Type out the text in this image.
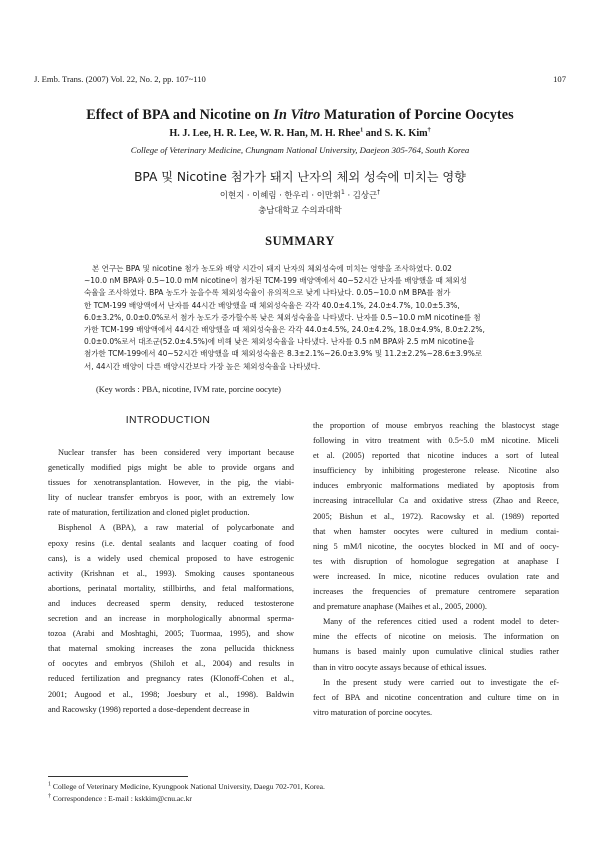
J. Emb. Trans. (2007) Vol. 22, No. 2, pp. 107~110	107
Effect of BPA and Nicotine on In Vitro Maturation of Porcine Oocytes
H. J. Lee, H. R. Lee, W. R. Han, M. H. Rhee$^1$ and S. K. Kim†
College of Veterinary Medicine, Chungnam National University, Daejeon 305-764, South Korea
BPA 및 Nicotine 첨가가 돼지 난자의 체외 성숙에 미치는 영향
이현지 · 이혜림 · 한우리 · 이만휘$^1$ · 김상근†
충남대학교 수의과대학
SUMMARY
본 연구는 BPA 및 nicotine 첨가 농도와 배양 시간이 돼지 난자의 체외성숙에 미치는 영향을 조사하였다. 0.02
~10.0 nM BPA와 0.5~10.0 mM nicotine이 첨가된 TCM-199 배양액에서 40~52시간 난자를 배양했을 때 체외성
숙율을 조사하였다. BPA 농도가 높을수록 체외성숙율이 유의적으로 낮게 나타났다. 0.05~10.0 nM BPA를 첨가
한 TCM-199 배양액에서 난자를 44시간 배양했을 때 체외성숙율은 각각 40.0±4.1%, 24.0±4.7%, 10.0±5.3%,
6.0±3.2%, 0.0±0.0%로서 첨가 농도가 증가할수록 낮은 체외성숙율을 나타냈다. 난자를 0.5~10.0 mM nicotine를 첨
가한 TCM-199 배양액에서 44시간 배양했을 때 체외성숙율은 각각 44.0±4.5%, 24.0±4.2%, 18.0±4.9%, 8.0±2.2%,
0.0±0.0%로서 대조군(52.0±4.5%)에 비해 낮은 체외성숙율을 나타냈다. 난자를 0.5 nM BPA와 2.5 mM nicotine을
첨가한 TCM-199에서 40~52시간 배양했을 때 체외성숙율은 8.3±2.1%~26.0±3.9% 및 11.2±2.2%~28.6±3.9%로
서, 44시간 배양이 다른 배양시간보다 가장 높은 체외성숙율을 나타냈다.
(Key words : PBA, nicotine, IVM rate, porcine oocyte)
INTRODUCTION
Nuclear transfer has been considered very important because
genetically modified pigs might be able to provide organs and
tissues for xenotransplantation. However, in the pig, the viabi-
lity of nuclear transfer embryos is poor, with an extremely low
rate of maturation, fertilization and cloned piglet production.
Bisphenol A (BPA), a raw material of polycarbonate and
epoxy resins (i.e. dental sealants and lacquer coating of food
cans), is a widely used chemical proposed to have estrogenic
activity (Krishnan et al., 1993). Smoking causes spontaneous
abortions, perinatal mortality, stillbirths, and fetal malformations,
and induces decreased sperm density, reduced testosterone
secretion and an increase in morphologically abnormal sperma-
tozoa (Arabi and Moshtaghi, 2005; Tuormaa, 1995), and show
that maternal smoking increases the zona pellucida thickness
of oocytes and embryos (Shiloh et al., 2004) and results in
reduced fertilization and pregnancy rates (Klonoff-Cohen et al.,
2001; Augood et al., 1998; Joesbury et al., 1998). Baldwin
and Racowsky (1998) reported a dose-dependent decrease in
the proportion of mouse embryos reaching the blastocyst stage
following in vitro treatment with 0.5~5.0 mM nicotine. Miceli
et al. (2005) reported that nicotine induces a sort of luteal
insufficiency by inhibiting progesterone release. Nicotine also
induces embryonic malformations mediated by apoptosis from
increasing intracellular Ca and oxidative stress (Zhao and Reece,
2005; Bishun et al., 1972). Racowsky et al. (1989) reported
that when hamster oocytes were cultured in medium contai-
ning 5 mM/l nicotine, the oocytes blocked in MI and of oocy-
tes with disruption of homologue segregation at anaphase I
were increased. In mice, nicotine reduces ovulation rate and
increases the frequencies of premature centromere separation
and premature anaphase (Maihes et al., 2005, 2000).
Many of the references citied used a rodent model to deter-
mine the effects of nicotine on meiosis. The information on
humans is based mainly upon cumulative clinical studies rather
than in vitro oocyte assays because of ethical issues.
In the present study were carried out to investigate the ef-
fect of BPA and nicotine concentration and culture time on in
vitro maturation of porcine oocytes.
$^1$ College of Veterinary Medicine, Kyungpook National University, Daegu 702-701, Korea.
† Correspondence : E-mail : kskkim@cnu.ac.kr
